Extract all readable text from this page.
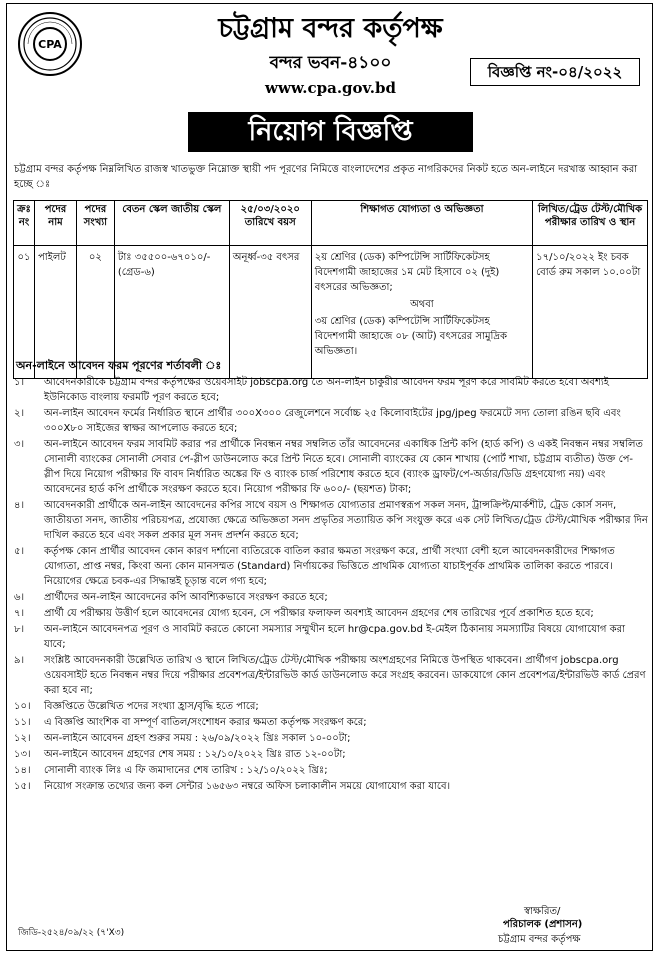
CPA
চট্টগ্রাম বন্দর কর্তৃপক্ষ
বন্দর ভবন-৪১০০
www.cpa.gov.bd
বিজ্ঞপ্তি নং-০৪/২০২২
নিয়োগ বিজ্ঞপ্তি
চট্টগ্রাম বন্দর কর্তৃপক্ষ নিম্নলিখিত রাজস্ব খাতভুক্ত নিম্নোক্ত স্থায়ী পদ পূরণের নিমিত্তে বাংলাদেশের প্রকৃত নাগরিকদের নিকট হতে অন-লাইনে দরখাস্ত আহ্বান করা হচ্ছে ঃ
ক্রঃ নং	পদের নাম	পদের সংখ্যা	বেতন স্কেল জাতীয় স্কেল	২৫/০৩/২০২০ তারিখে বয়স	শিক্ষাগত যোগ্যতা ও অভিজ্ঞতা	লিখিত/ট্রেড টেস্ট/মৌখিক পরীক্ষার তারিখ ও স্থান
০১	পাইলট	০২	টাঃ ৩৫৫০০-৬৭০১০/- (গ্রেড-৬)	অনূর্ধ্ব-৩৫ বৎসর	২য় শ্রেণির (ডেক) কম্পিটেন্সি সার্টিফিকেটসহ বিদেশগামী জাহাজের ১ম মেট হিসাবে ০২ (দুই) বৎসরের অভিজ্ঞতা;
অথবা
৩য় শ্রেণির (ডেক) কম্পিটেন্সি সার্টিফিকেটসহ বিদেশগামী জাহাজে ০৮ (আট) বৎসরের সামুদ্রিক অভিজ্ঞতা।	১৭/১০/২০২২ ইং চবক বোর্ড রুম সকাল ১০.০০টা
অন-লাইনে আবেদন ফরম পূরণের শর্তাবলী ঃ
১।	আবেদনকারীকে চট্টগ্রাম বন্দর কর্তৃপক্ষের ওয়েবসাইট jobscpa.org তে অন-লাইন চাকুরীর আবেদন ফরম পূরণ করে সাবমিট করতে হবে। অবশ্যই ইউনিকোড বাংলায় ফরমটি পূরণ করতে হবে;
২।	অন-লাইন আবেদন ফর্মের নির্ধারিত স্থানে প্রার্থীর ৩০০X৩০০ রেজুলেশনে সর্বোচ্চ ২৫ কিলোবাইটের jpg/jpeg ফরমেটে সদ্য তোলা রঙিন ছবি এবং ৩০০X৮০ সাইজের স্বাক্ষর আপলোড করতে হবে;
৩।	অন-লাইনে আবেদন ফরম সাবমিট করার পর প্রার্থীকে নিবন্ধন নম্বর সম্বলিত তাঁর আবেদনের একাধিক প্রিন্ট কপি (হার্ড কপি) ও একই নিবন্ধন নম্বর সম্বলিত সোনালী ব্যাংকের সোনালী সেবার পে-স্লীপ ডাউনলোড করে প্রিন্ট নিতে হবে। সোনালী ব্যাংকের যে কোন শাখায় (পোর্ট শাখা, চট্টগ্রাম ব্যতীত) উক্ত পে-স্লীপ দিয়ে নিয়োগ পরীক্ষার ফি বাবদ নির্ধারিত অঙ্কের ফি ও ব্যাংক চার্জ পরিশোধ করতে হবে (ব্যাংক ড্রাফট/পে-অর্ডার/ডিডি গ্রহণযোগ্য নয়) এবং আবেদনের হার্ড কপি প্রার্থীকে সংরক্ষণ করতে হবে। নিয়োগ পরীক্ষার ফি ৬০০/- (ছয়শত) টাকা;
৪।	আবেদনকারী প্রার্থীকে অন-লাইন আবেদনের কপির সাথে বয়স ও শিক্ষাগত যোগ্যতার প্রমাণস্বরূপ সকল সনদ, ট্রান্সক্রিপ্ট/মার্কশীট, ট্রেড কোর্স সনদ, জাতীয়তা সনদ, জাতীয় পরিচয়পত্র, প্রযোজ্য ক্ষেত্রে অভিজ্ঞতা সনদ প্রভৃতির সত্যায়িত কপি সংযুক্ত করে এক সেট লিখিত/ট্রেড টেস্ট/মৌখিক পরীক্ষার দিন দাখিল করতে হবে এবং সকল প্রকার মূল সনদ প্রদর্শন করতে হবে;
৫।	কর্তৃপক্ষ কোন প্রার্থীর আবেদন কোন কারণ দর্শানো ব্যতিরেকে বাতিল করার ক্ষমতা সংরক্ষণ করে, প্রার্থী সংখ্যা বেশী হলে আবেদনকারীদের শিক্ষাগত যোগ্যতা, প্রাপ্ত নম্বর, কিংবা অন্য কোন মানসম্মত (Standard) নির্ণায়কের ভিত্তিতে প্রাথমিক যোগ্যতা যাচাইপূর্বক প্রাথমিক তালিকা করতে পারবে। নিয়োগের ক্ষেত্রে চবক-এর সিদ্ধান্তই চূড়ান্ত বলে গণ্য হবে;
৬।	প্রার্থীদের অন-লাইন আবেদনের কপি আবশ্যিকভাবে সংরক্ষণ করতে হবে;
৭।	প্রার্থী যে পরীক্ষায় উত্তীর্ণ হলে আবেদনের যোগ্য হবেন, সে পরীক্ষার ফলাফল অবশ্যই আবেদন গ্রহণের শেষ তারিখের পূর্বে প্রকাশিত হতে হবে;
৮।	অন-লাইনে আবেদনপত্র পূরণ ও সাবমিট করতে কোনো সমস্যার সম্মুখীন হলে hr@cpa.gov.bd ই-মেইল ঠিকানায় সমস্যাটির বিষয়ে যোগাযোগ করা যাবে;
৯।	সংশ্লিষ্ট আবেদনকারী উল্লেখিত তারিখ ও স্থানে লিখিত/ট্রেড টেস্ট/মৌখিক পরীক্ষায় অংশগ্রহণের নিমিত্তে উপস্থিত থাকবেন। প্রার্থীগণ jobscpa.org ওয়েবসাইট হতে নিবন্ধন নম্বর দিয়ে পরীক্ষার প্রবেশপত্র/ইন্টারভিউ কার্ড ডাউনলোড করে সংগ্রহ করবেন। ডাকযোগে কোন প্রবেশপত্র/ইন্টারভিউ কার্ড প্রেরণ করা হবে না;
১০।	বিজ্ঞপ্তিতে উল্লেখিত পদের সংখ্যা হ্রাস/বৃদ্ধি হতে পারে;
১১।	এ বিজ্ঞপ্তি আংশিক বা সম্পূর্ণ বাতিল/সংশোধন করার ক্ষমতা কর্তৃপক্ষ সংরক্ষণ করে;
১২।	অন-লাইনে আবেদন গ্রহণ শুরুর সময় : ২৬/০৯/২০২২ খ্রিঃ সকাল ১০-০০টা;
১৩।	অন-লাইনে আবেদন গ্রহণের শেষ সময় : ১২/১০/২০২২ খ্রিঃ রাত ১২-০০টা;
১৪।	সোনালী ব্যাংক লিঃ এ ফি জমাদানের শেষ তারিখ : ১২/১০/২০২২ খ্রিঃ;
১৫।	নিয়োগ সংক্রান্ত তথ্যের জন্য কল সেন্টার ১৬৫৬৩ নম্বরে অফিস চলাকালীন সময়ে যোগাযোগ করা যাবে।
স্বাক্ষরিত/
পরিচালক (প্রশাসন)
চট্টগ্রাম বন্দর কর্তৃপক্ষ
জিডি-২৫২৪/০৯/২২ (৭'X৩)
